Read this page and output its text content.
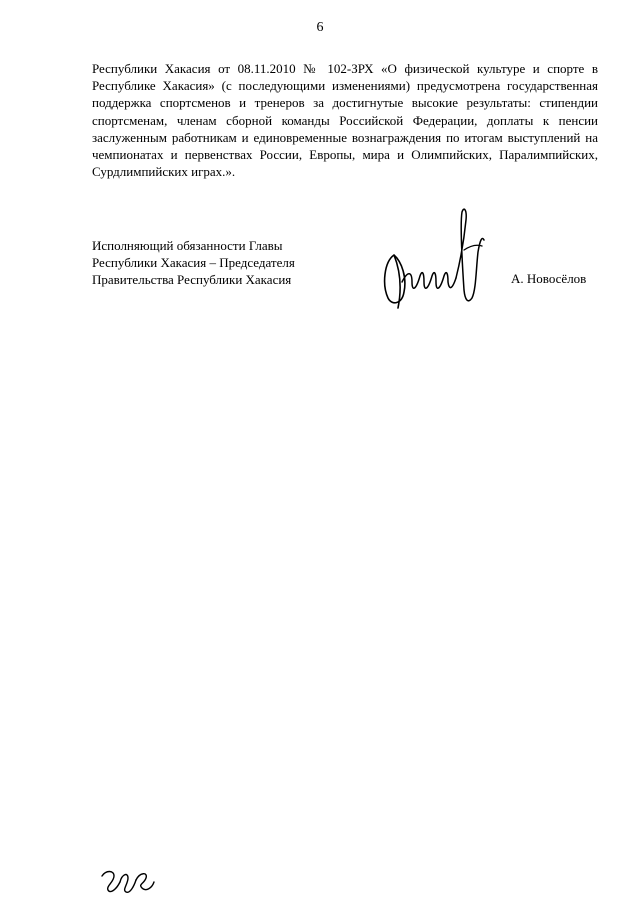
6

Республики Хакасия от 08.11.2010 № 102-ЗРХ «О физической культуре и спорте в Республике Хакасия» (с последующими изменениями) предусмотрена государственная поддержка спортсменов и тренеров за достигнутые высокие результаты: стипендии спортсменам, членам сборной команды Российской Федерации, доплаты к пенсии заслуженным работникам и единовременные вознаграждения по итогам выступлений на чемпионатах и первенствах России, Европы, мира и Олимпийских, Паралимпийских, Сурдлимпийских играх.».

Исполняющий обязанности Главы
Республики Хакасия – Председателя
Правительства Республики Хакасия	А. Новосёлов
